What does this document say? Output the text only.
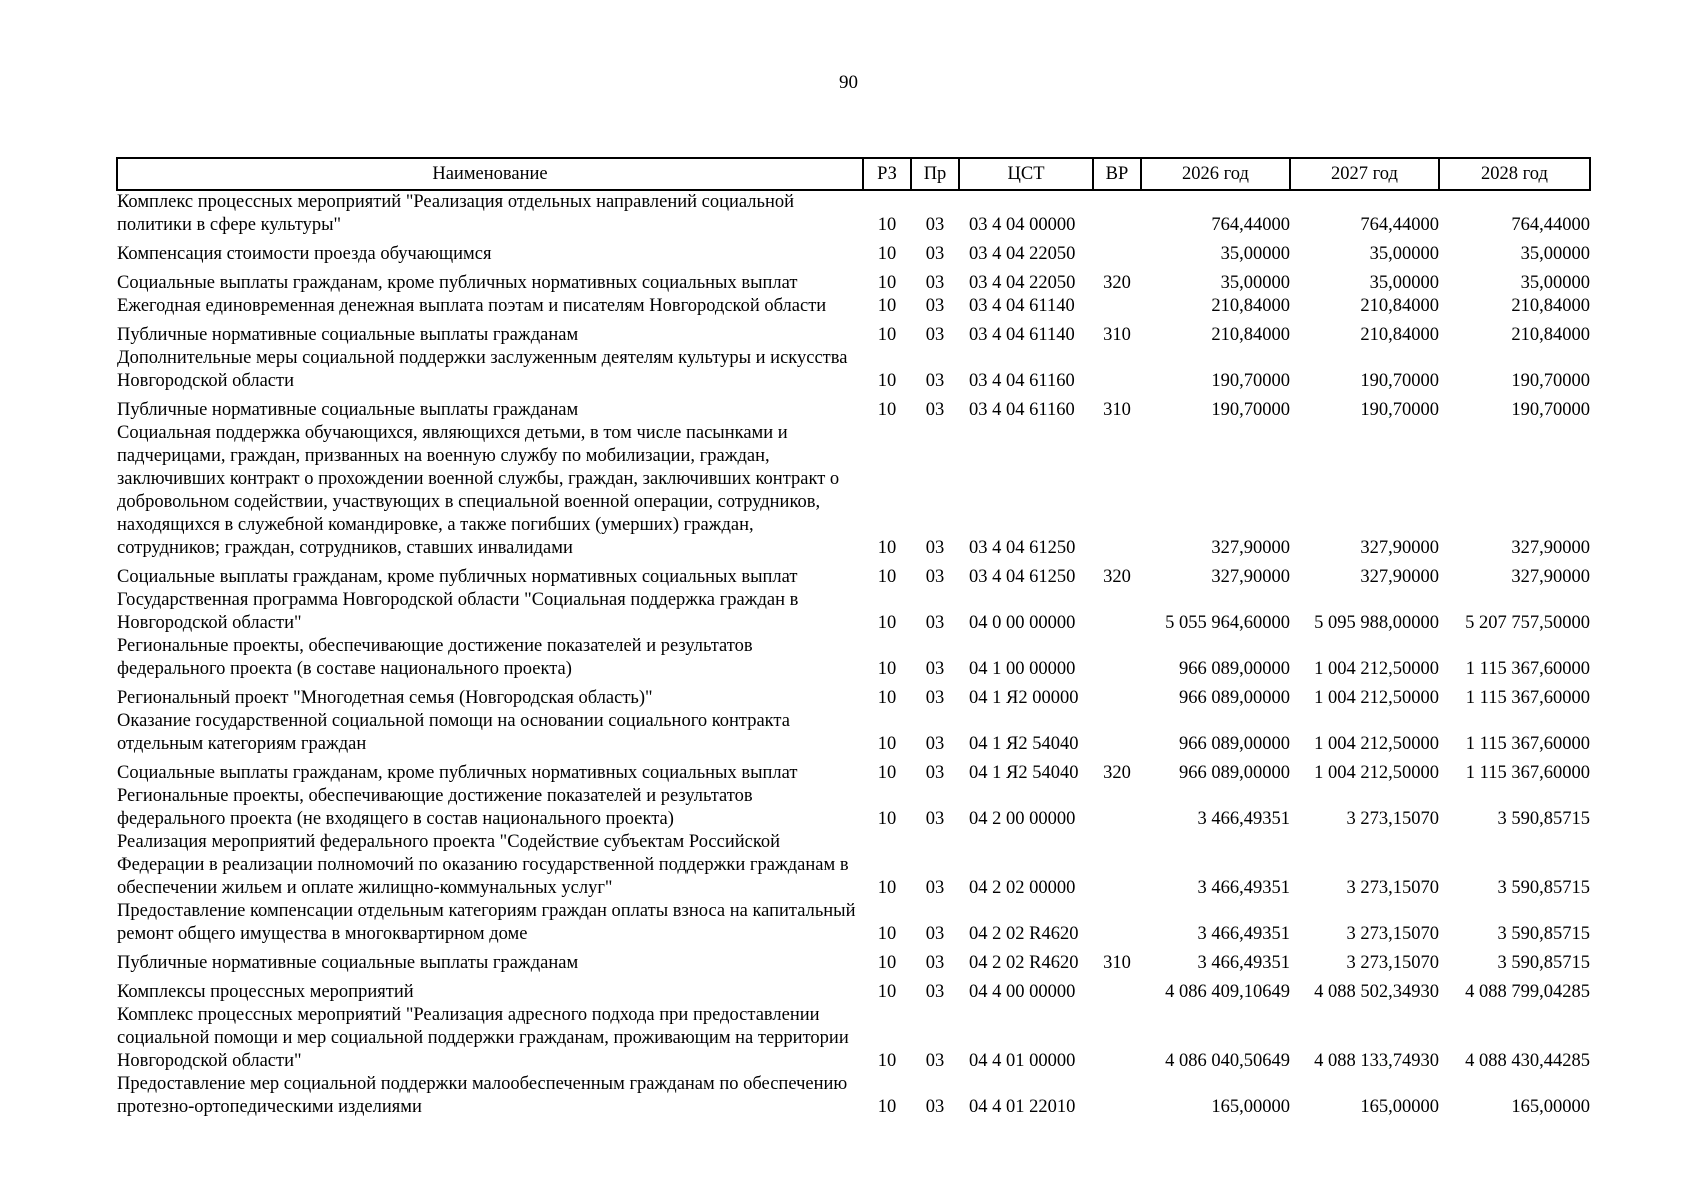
90
Наименование	РЗ	Пр	ЦСТ	ВР	2026 год	2027 год	2028 год
Комплекс процессных мероприятий "Реализация отдельных направлений социальной политики в сфере культуры"	10	03	03 4 04 00000		764,44000	764,44000	764,44000
Компенсация стоимости проезда обучающимся	10	03	03 4 04 22050		35,00000	35,00000	35,00000
Социальные выплаты гражданам, кроме публичных нормативных социальных выплат	10	03	03 4 04 22050	320	35,00000	35,00000	35,00000
Ежегодная единовременная денежная выплата поэтам и писателям Новгородской области	10	03	03 4 04 61140		210,84000	210,84000	210,84000
Публичные нормативные социальные выплаты гражданам	10	03	03 4 04 61140	310	210,84000	210,84000	210,84000
Дополнительные меры социальной поддержки заслуженным деятелям культуры и искусства Новгородской области	10	03	03 4 04 61160		190,70000	190,70000	190,70000
Публичные нормативные социальные выплаты гражданам	10	03	03 4 04 61160	310	190,70000	190,70000	190,70000
Социальная поддержка обучающихся, являющихся детьми, в том числе пасынками и падчерицами, граждан, призванных на военную службу по мобилизации, граждан, заключивших контракт о прохождении военной службы, граждан, заключивших контракт о добровольном содействии, участвующих в специальной военной операции, сотрудников, находящихся в служебной командировке, а также погибших (умерших) граждан, сотрудников; граждан, сотрудников, ставших инвалидами	10	03	03 4 04 61250		327,90000	327,90000	327,90000
Социальные выплаты гражданам, кроме публичных нормативных социальных выплат	10	03	03 4 04 61250	320	327,90000	327,90000	327,90000
Государственная программа Новгородской области "Социальная поддержка граждан в Новгородской области"	10	03	04 0 00 00000		5 055 964,60000	5 095 988,00000	5 207 757,50000
Региональные проекты, обеспечивающие достижение показателей и результатов федерального проекта (в составе национального проекта)	10	03	04 1 00 00000		966 089,00000	1 004 212,50000	1 115 367,60000
Региональный проект "Многодетная семья (Новгородская область)"	10	03	04 1 Я2 00000		966 089,00000	1 004 212,50000	1 115 367,60000
Оказание государственной социальной помощи на основании социального контракта отдельным категориям граждан	10	03	04 1 Я2 54040		966 089,00000	1 004 212,50000	1 115 367,60000
Социальные выплаты гражданам, кроме публичных нормативных социальных выплат	10	03	04 1 Я2 54040	320	966 089,00000	1 004 212,50000	1 115 367,60000
Региональные проекты, обеспечивающие достижение показателей и результатов федерального проекта (не входящего в состав национального проекта)	10	03	04 2 00 00000		3 466,49351	3 273,15070	3 590,85715
Реализация мероприятий федерального проекта "Содействие субъектам Российской Федерации в реализации полномочий по оказанию государственной поддержки гражданам в обеспечении жильем и оплате жилищно-коммунальных услуг"	10	03	04 2 02 00000		3 466,49351	3 273,15070	3 590,85715
Предоставление компенсации отдельным категориям граждан оплаты взноса на капитальный ремонт общего имущества в многоквартирном доме	10	03	04 2 02 R4620		3 466,49351	3 273,15070	3 590,85715
Публичные нормативные социальные выплаты гражданам	10	03	04 2 02 R4620	310	3 466,49351	3 273,15070	3 590,85715
Комплексы процессных мероприятий	10	03	04 4 00 00000		4 086 409,10649	4 088 502,34930	4 088 799,04285
Комплекс процессных мероприятий "Реализация адресного подхода при предоставлении социальной помощи и мер социальной поддержки гражданам, проживающим на территории Новгородской области"	10	03	04 4 01 00000		4 086 040,50649	4 088 133,74930	4 088 430,44285
Предоставление мер социальной поддержки малообеспеченным гражданам по обеспечению протезно-ортопедическими изделиями	10	03	04 4 01 22010		165,00000	165,00000	165,00000
